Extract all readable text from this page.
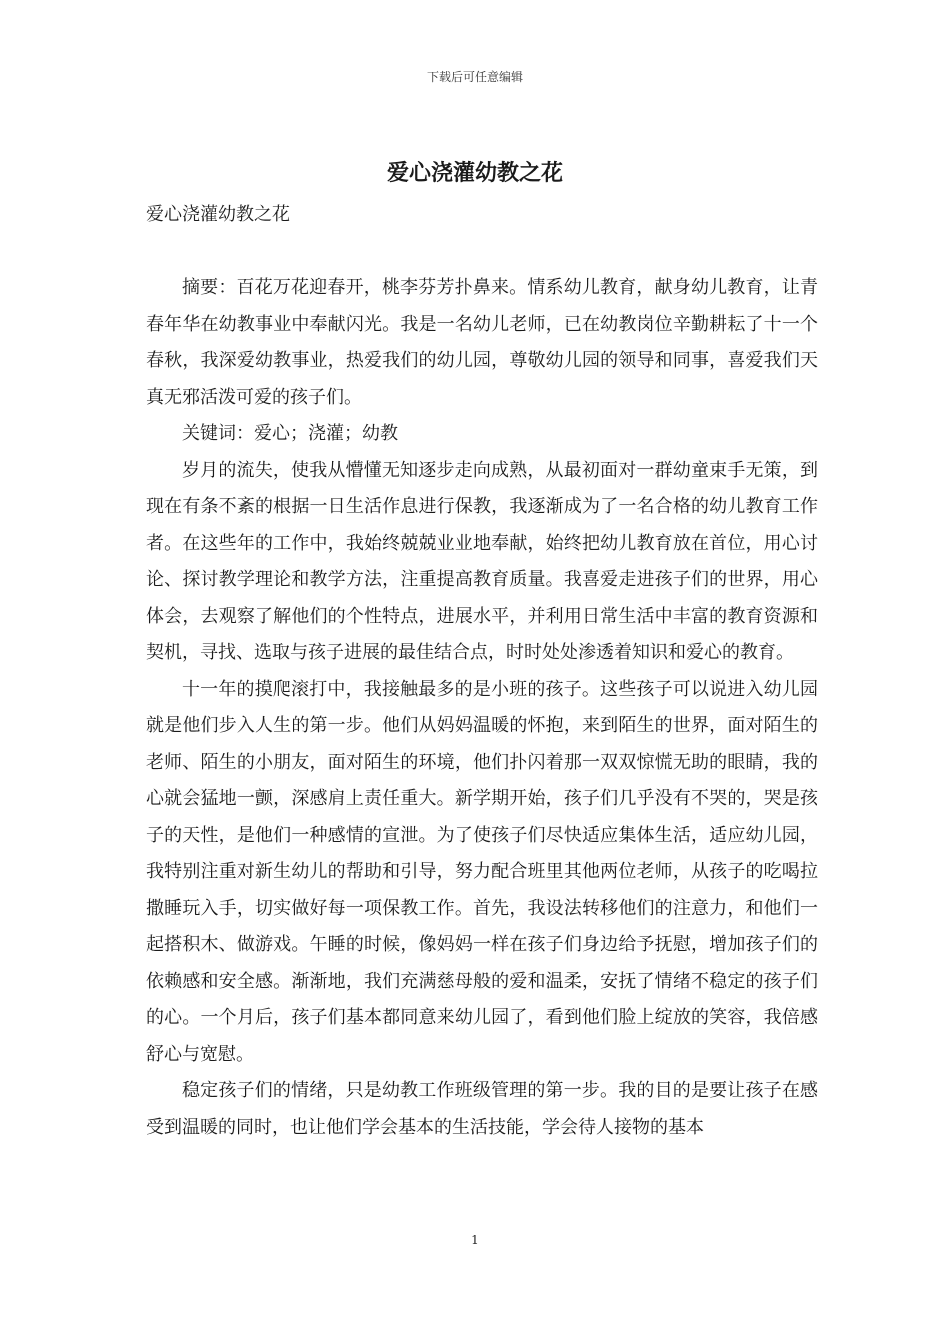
下载后可任意编辑
爱心浇灌幼教之花

爱心浇灌幼教之花

摘要：百花万花迎春开，桃李芬芳扑鼻来。情系幼儿教育，献身幼儿教育，让青春年华在幼教事业中奉献闪光。我是一名幼儿老师，已在幼教岗位辛勤耕耘了十一个春秋，我深爱幼教事业，热爱我们的幼儿园，尊敬幼儿园的领导和同事，喜爱我们天真无邪活泼可爱的孩子们。

关键词：爱心；浇灌；幼教

岁月的流失，使我从懵懂无知逐步走向成熟，从最初面对一群幼童束手无策，到现在有条不紊的根据一日生活作息进行保教，我逐渐成为了一名合格的幼儿教育工作者。在这些年的工作中，我始终兢兢业业地奉献，始终把幼儿教育放在首位，用心讨论、探讨教学理论和教学方法，注重提高教育质量。我喜爱走进孩子们的世界，用心体会，去观察了解他们的个性特点，进展水平，并利用日常生活中丰富的教育资源和契机，寻找、选取与孩子进展的最佳结合点，时时处处渗透着知识和爱心的教育。

十一年的摸爬滚打中，我接触最多的是小班的孩子。这些孩子可以说进入幼儿园就是他们步入人生的第一步。他们从妈妈温暖的怀抱，来到陌生的世界，面对陌生的老师、陌生的小朋友，面对陌生的环境，他们扑闪着那一双双惊慌无助的眼睛，我的心就会猛地一颤，深感肩上责任重大。新学期开始，孩子们几乎没有不哭的，哭是孩子的天性，是他们一种感情的宣泄。为了使孩子们尽快适应集体生活，适应幼儿园，我特别注重对新生幼儿的帮助和引导，努力配合班里其他两位老师，从孩子的吃喝拉撒睡玩入手，切实做好每一项保教工作。首先，我设法转移他们的注意力，和他们一起搭积木、做游戏。午睡的时候，像妈妈一样在孩子们身边给予抚慰，增加孩子们的依赖感和安全感。渐渐地，我们充满慈母般的爱和温柔，安抚了情绪不稳定的孩子们的心。一个月后，孩子们基本都同意来幼儿园了，看到他们脸上绽放的笑容，我倍感舒心与宽慰。

稳定孩子们的情绪，只是幼教工作班级管理的第一步。我的目的是要让孩子在感受到温暖的同时，也让他们学会基本的生活技能，学会待人接物的基本

1
